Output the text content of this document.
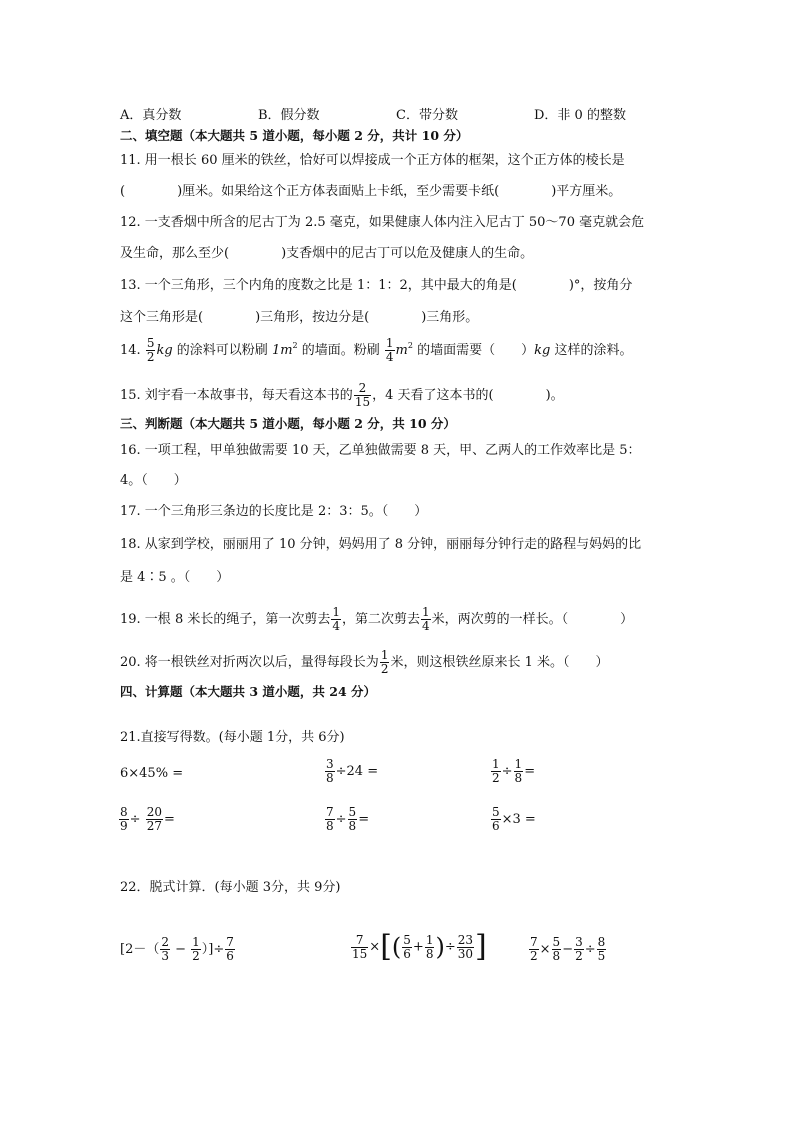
A．真分数	B．假分数	C．带分数	D．非 0 的整数
二、填空题（本大题共 5 道小题，每小题 2 分，共计 10 分）
11. 用一根长 60 厘米的铁丝，恰好可以焊接成一个正方体的框架，这个正方体的棱长是
(　　　　)厘米。如果给这个正方体表面贴上卡纸，至少需要卡纸(　　　　)平方厘米。
12. 一支香烟中所含的尼古丁为 2.5 毫克，如果健康人体内注入尼古丁 50～70 毫克就会危
及生命，那么至少(　　　　)支香烟中的尼古丁可以危及健康人的生命。
13. 一个三角形，三个内角的度数之比是 1：1：2，其中最大的角是(　　　　)°，按角分
这个三角形是(　　　　)三角形，按边分是(　　　　)三角形。
14. $\frac{5}{2}$ kg 的涂料可以粉刷 $1m^2$ 的墙面。粉刷 $\frac{1}{4} m^2$ 的墙面需要（　　）kg 这样的涂料。
15. 刘宇看一本故事书，每天看这本书的 $\frac{2}{15}$ ，4 天看了这本书的(　　　　)。
三、判断题（本大题共 5 道小题，每小题 2 分，共 10 分）
16. 一项工程，甲单独做需要 10 天，乙单独做需要 8 天，甲、乙两人的工作效率比是 5：
4。（　　）
17. 一个三角形三条边的长度比是 2：3：5。（　　）
18. 从家到学校，丽丽用了 10 分钟，妈妈用了 8 分钟，丽丽每分钟行走的路程与妈妈的比
是 4∶5 。（　　）
19. 一根 8 米长的绳子，第一次剪去 $\frac{1}{4}$ ，第二次剪去 $\frac{1}{4}$ 米，两次剪的一样长。（　　　　）
20. 将一根铁丝对折两次以后，量得每段长为 $\frac{1}{2}$ 米，则这根铁丝原来长 1 米。（　　）
四、计算题（本大题共 3 道小题，共 24 分）
21.直接写得数。(每小题 1分，共 6分)
6×45% =	$\frac{3}{8} \div 24$ =	$\frac{1}{2} \div \frac{1}{8}$ =
$\frac{8}{9} \div \frac{20}{27}$ =	$\frac{7}{8} \div \frac{5}{8}$ =	$\frac{5}{6} \times 3$ =
22．脱式计算．(每小题 3分，共 9分)
[$2-( \frac{2}{3} - \frac{1}{2}$ ）]÷ $\frac{7}{6}$	$\frac{7}{15}$ ×[( $\frac{5}{6} + \frac{1}{8}$ )÷ $\frac{23}{30}$ ]	$\frac{7}{2} \times \frac{5}{8} - \frac{3}{2} \div \frac{8}{5}$
